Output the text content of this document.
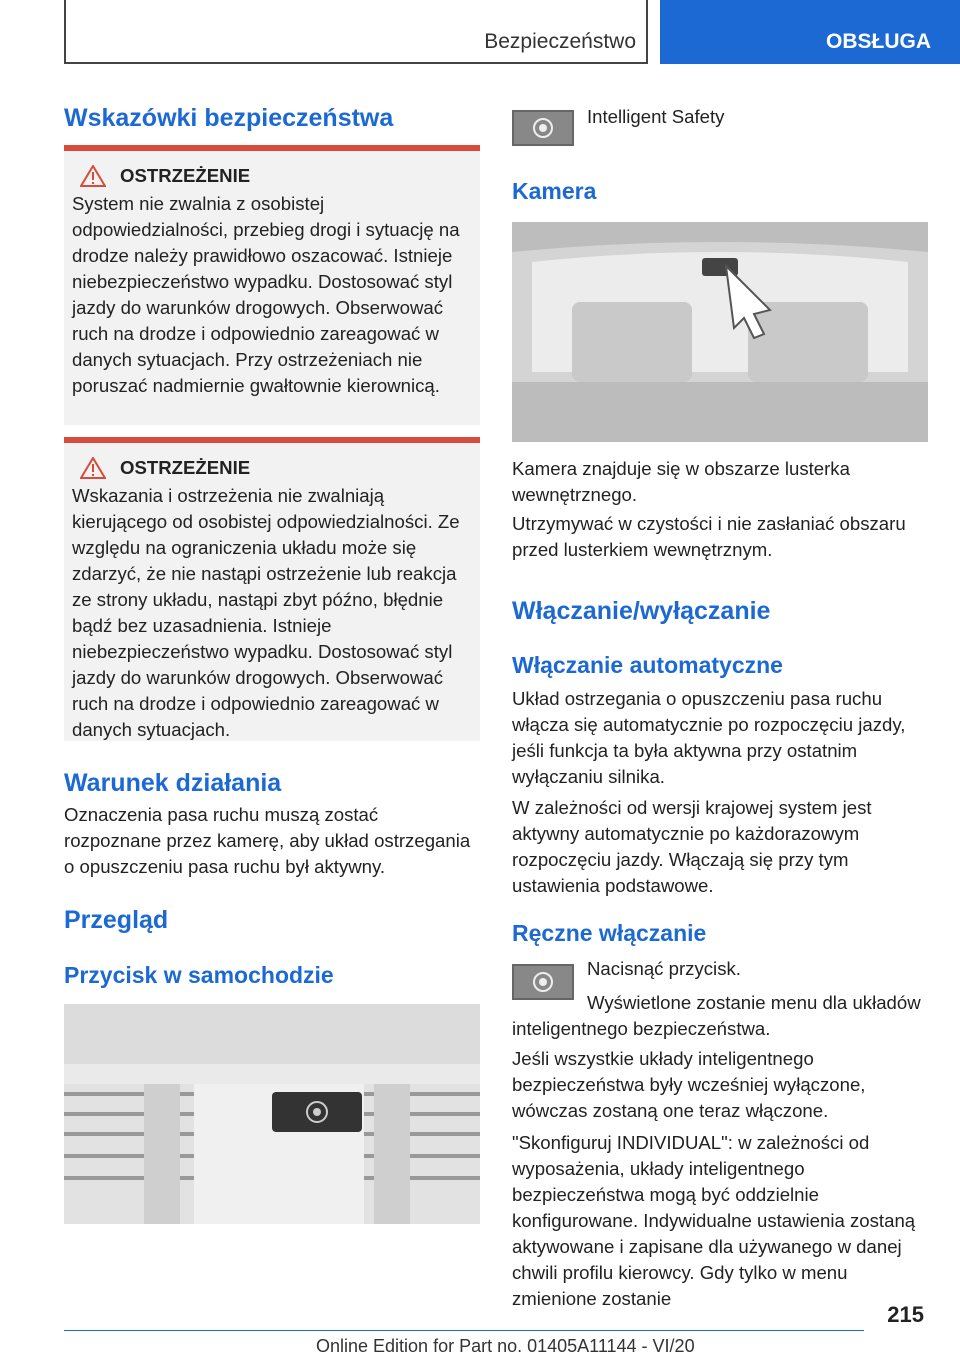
Bezpieczeństwo	OBSŁUGA
Wskazówki bezpieczeństwa
OSTRZEŻENIE
System nie zwalnia z osobistej odpowiedzialności, przebieg drogi i sytuację na drodze należy prawidłowo oszacować. Istnieje niebezpieczeństwo wypadku. Dostosować styl jazdy do warunków drogowych. Obserwować ruch na drodze i odpowiednio zareagować w danych sytuacjach. Przy ostrzeżeniach nie poruszać nadmiernie gwałtownie kierownicą.
OSTRZEŻENIE
Wskazania i ostrzeżenia nie zwalniają kierującego od osobistej odpowiedzialności. Ze względu na ograniczenia układu może się zdarzyć, że nie nastąpi ostrzeżenie lub reakcja ze strony układu, nastąpi zbyt późno, błędnie bądź bez uzasadnienia. Istnieje niebezpieczeństwo wypadku. Dostosować styl jazdy do warunków drogowych. Obserwować ruch na drodze i odpowiednio zareagować w danych sytuacjach.
Warunek działania
Oznaczenia pasa ruchu muszą zostać rozpoznane przez kamerę, aby układ ostrzegania o opuszczeniu pasa ruchu był aktywny.
Przegląd
Przycisk w samochodzie
Intelligent Safety
Kamera
Kamera znajduje się w obszarze lusterka wewnętrznego.
Utrzymywać w czystości i nie zasłaniać obszaru przed lusterkiem wewnętrznym.
Włączanie/wyłączanie
Włączanie automatyczne
Układ ostrzegania o opuszczeniu pasa ruchu włącza się automatycznie po rozpoczęciu jazdy, jeśli funkcja ta była aktywna przy ostatnim wyłączaniu silnika.
W zależności od wersji krajowej system jest aktywny automatycznie po każdorazowym rozpoczęciu jazdy. Włączają się przy tym ustawienia podstawowe.
Ręczne włączanie
Nacisnąć przycisk.
Wyświetlone zostanie menu dla układów inteligentnego bezpieczeństwa.
Jeśli wszystkie układy inteligentnego bezpieczeństwa były wcześniej wyłączone, wówczas zostaną one teraz włączone.
"Skonfiguruj INDIVIDUAL": w zależności od wyposażenia, układy inteligentnego bezpieczeństwa mogą być oddzielnie konfigurowane. Indywidualne ustawienia zostaną aktywowane i zapisane dla używanego w danej chwili profilu kierowcy. Gdy tylko w menu zmienione zostanie
215
Online Edition for Part no. 01405A11144 - VI/20
